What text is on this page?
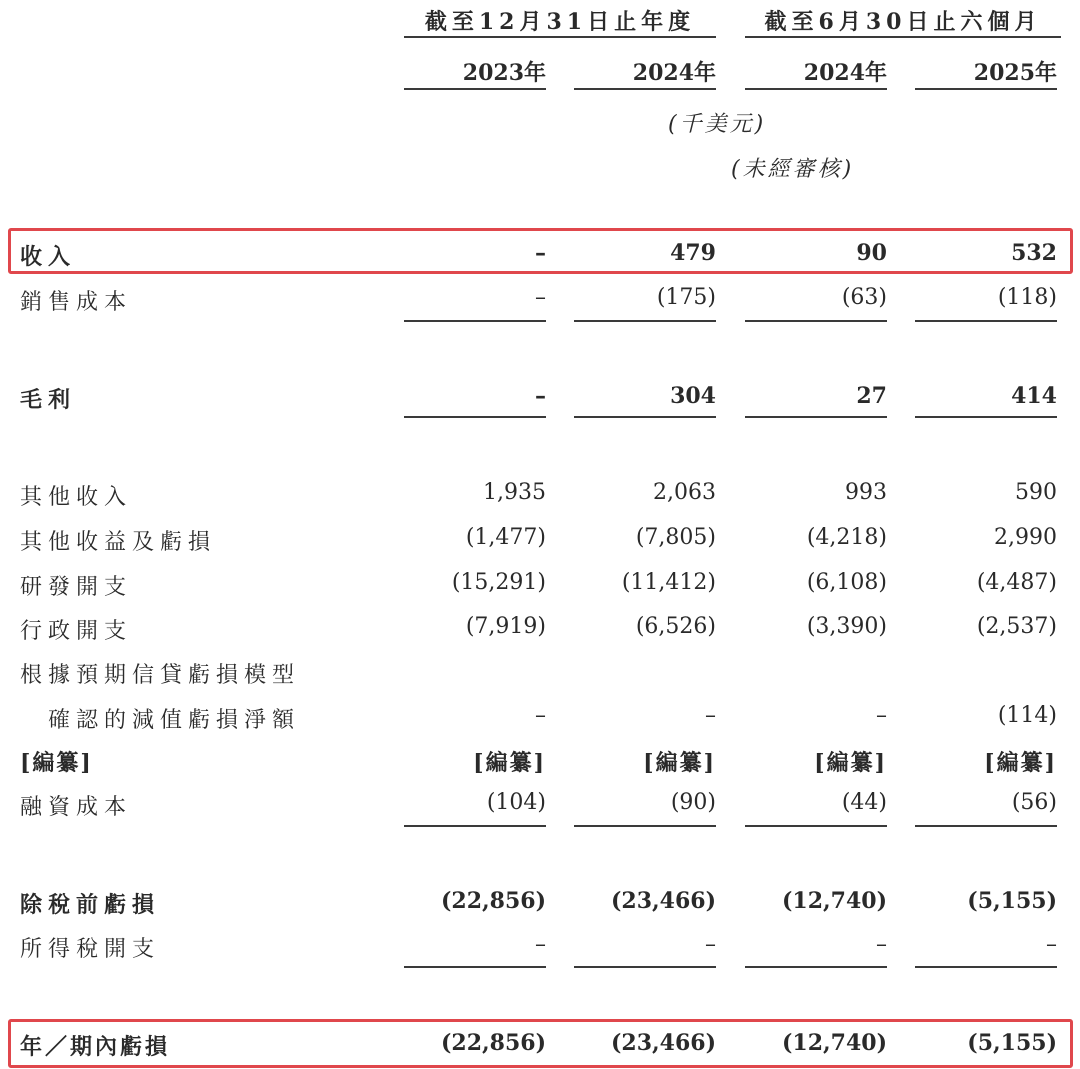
截至12月31日止年度	截至6月30日止六個月
2023年	2024年	2024年	2025年
(千美元)
(未經審核)
收入	–	479	90	532
銷售成本	–	(175)	(63)	(118)
毛利	–	304	27	414
其他收入	1,935	2,063	993	590
其他收益及虧損	(1,477)	(7,805)	(4,218)	2,990
研發開支	(15,291)	(11,412)	(6,108)	(4,487)
行政開支	(7,919)	(6,526)	(3,390)	(2,537)
根據預期信貸虧損模型
確認的減值虧損淨額	–	–	–	(114)
[編纂]	[編纂]	[編纂]	[編纂]	[編纂]
融資成本	(104)	(90)	(44)	(56)
除稅前虧損	(22,856)	(23,466)	(12,740)	(5,155)
所得稅開支	–	–	–	–
年／期內虧損	(22,856)	(23,466)	(12,740)	(5,155)
